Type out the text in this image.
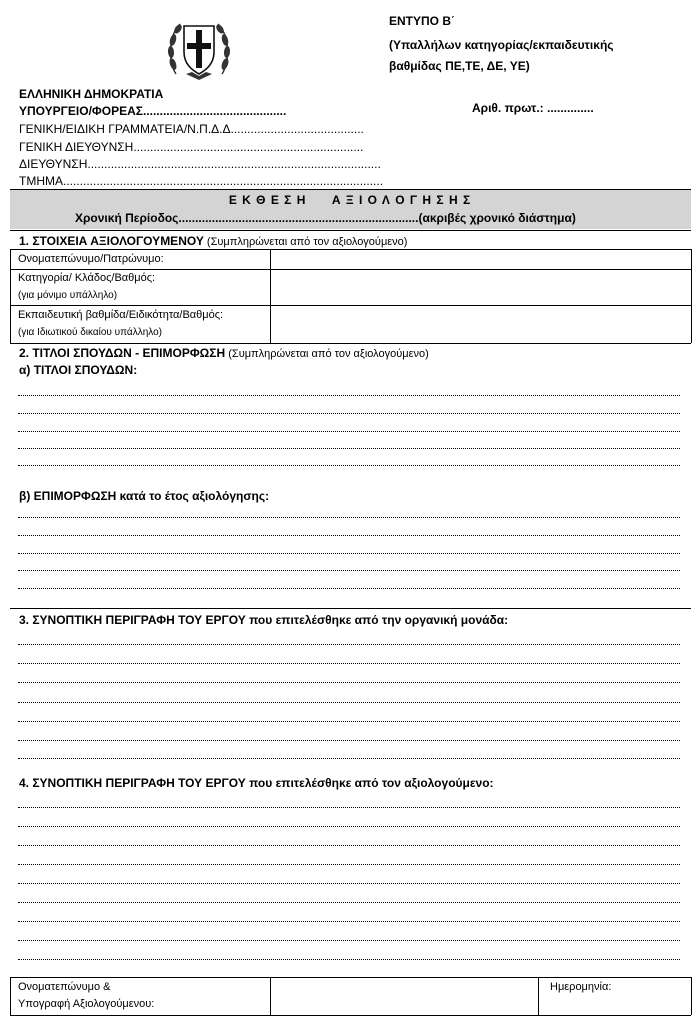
ΕΝΤΥΠΟ Β΄
(Υπαλλήλων κατηγορίας/εκπαιδευτικής
βαθμίδας ΠΕ,ΤΕ, ΔΕ, ΥΕ)
ΕΛΛΗΝΙΚΗ ΔΗΜΟΚΡΑΤΙΑ
ΥΠΟΥΡΓΕΙΟ/ΦΟΡΕΑΣ...........................................
ΓΕΝΙΚΗ/ΕΙΔΙΚΗ ΓΡΑΜΜΑΤΕΙΑ/Ν.Π.Δ.Δ........................................
ΓΕΝΙΚΗ ΔΙΕΥΘΥΝΣΗ.....................................................................
ΔΙΕΥΘΥΝΣΗ........................................................................................
ΤΜΗΜΑ................................................................................................
Αριθ. πρωτ.: ..............
Ε Κ Θ Ε Σ Η      Α Ξ Ι Ο Λ Ο Γ Η Σ Η Σ
Χρονική Περίοδος........................................................................(ακριβές χρονικό διάστημα)
1. ΣΤΟΙΧΕΙΑ ΑΞΙΟΛΟΓΟΥΜΕΝΟΥ (Συμπληρώνεται από τον αξιολογούμενο)
Ονοματεπώνυμο/Πατρώνυμο:
Κατηγορία/ Κλάδος/Βαθμός:
(για μόνιμο υπάλληλο)
Εκπαιδευτική βαθμίδα/Ειδικότητα/Βαθμός:
(για Ιδιωτικού δικαίου υπάλληλο)
2. ΤΙΤΛΟΙ ΣΠΟΥΔΩΝ - ΕΠΙΜΟΡΦΩΣΗ (Συμπληρώνεται από τον αξιολογούμενο)
α) ΤΙΤΛΟΙ ΣΠΟΥΔΩΝ:
β) ΕΠΙΜΟΡΦΩΣΗ κατά το έτος αξιολόγησης:
3. ΣΥΝΟΠΤΙΚΗ ΠΕΡΙΓΡΑΦΗ ΤΟΥ ΕΡΓΟΥ που επιτελέσθηκε από την οργανική μονάδα:
4. ΣΥΝΟΠΤΙΚΗ ΠΕΡΙΓΡΑΦΗ ΤΟΥ ΕΡΓΟΥ που επιτελέσθηκε από τον αξιολογούμενο:
Ονοματεπώνυμο &
Υπογραφή Αξιολογούμενου:
Ημερομηνία:
